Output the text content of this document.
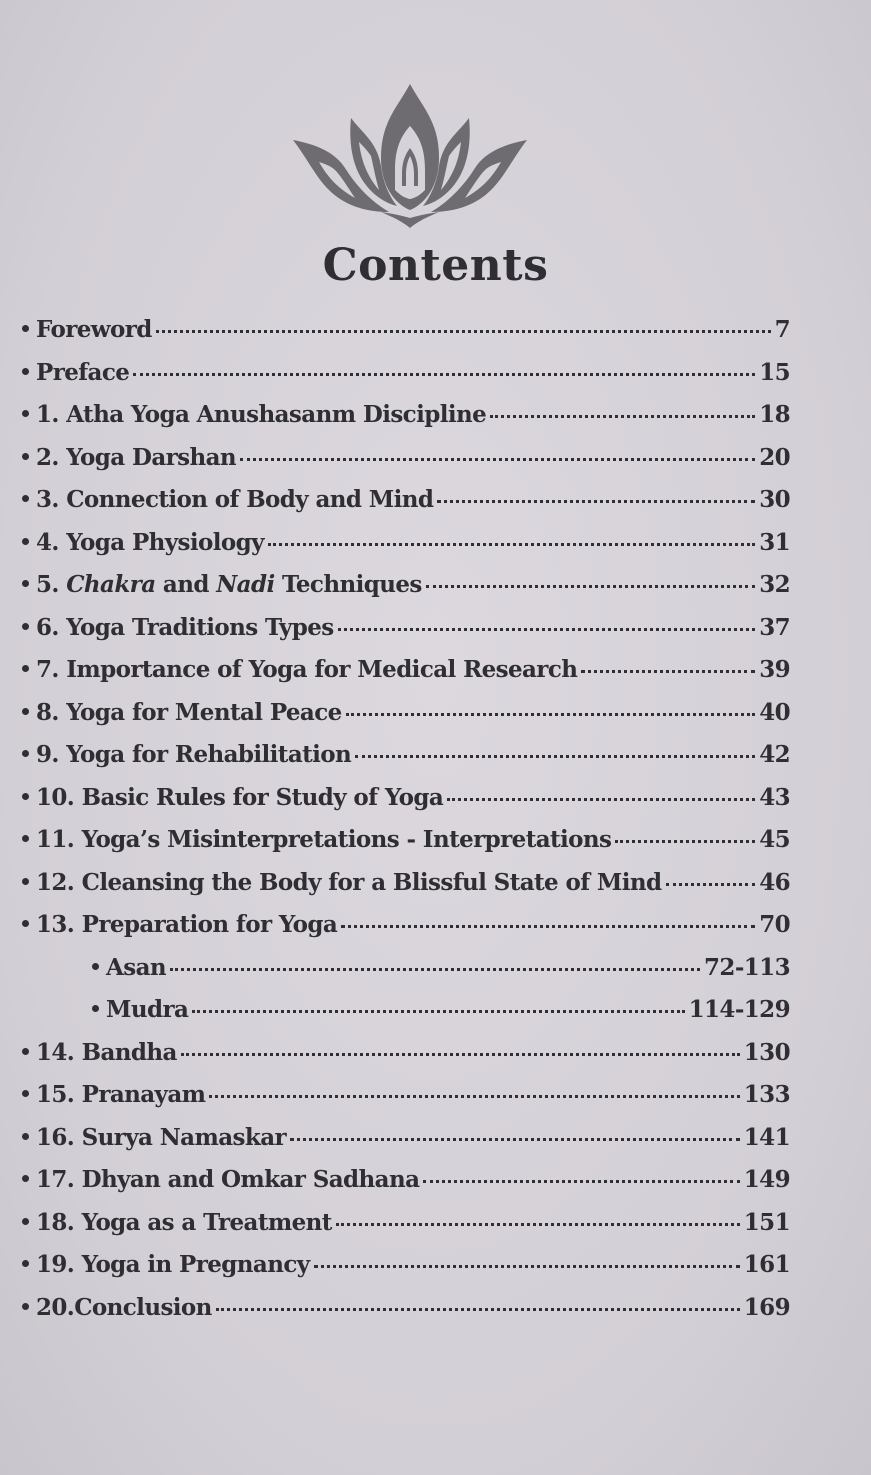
Contents
Foreword	7
Preface	15
1. Atha Yoga Anushasanm Discipline	18
2. Yoga Darshan	20
3. Connection of Body and Mind	30
4. Yoga Physiology	31
5. Chakra and Nadi Techniques	32
6. Yoga Traditions Types	37
7. Importance of Yoga for Medical Research	39
8. Yoga for Mental Peace	40
9. Yoga for Rehabilitation	42
10. Basic Rules for Study of Yoga	43
11. Yoga’s Misinterpretations - Interpretations	45
12. Cleansing the Body for a Blissful State of Mind	46
13. Preparation for Yoga	70
Asan	72-113
Mudra	114-129
14. Bandha	130
15. Pranayam	133
16. Surya Namaskar	141
17. Dhyan and Omkar Sadhana	149
18. Yoga as a Treatment	151
19. Yoga in Pregnancy	161
20.Conclusion	169
